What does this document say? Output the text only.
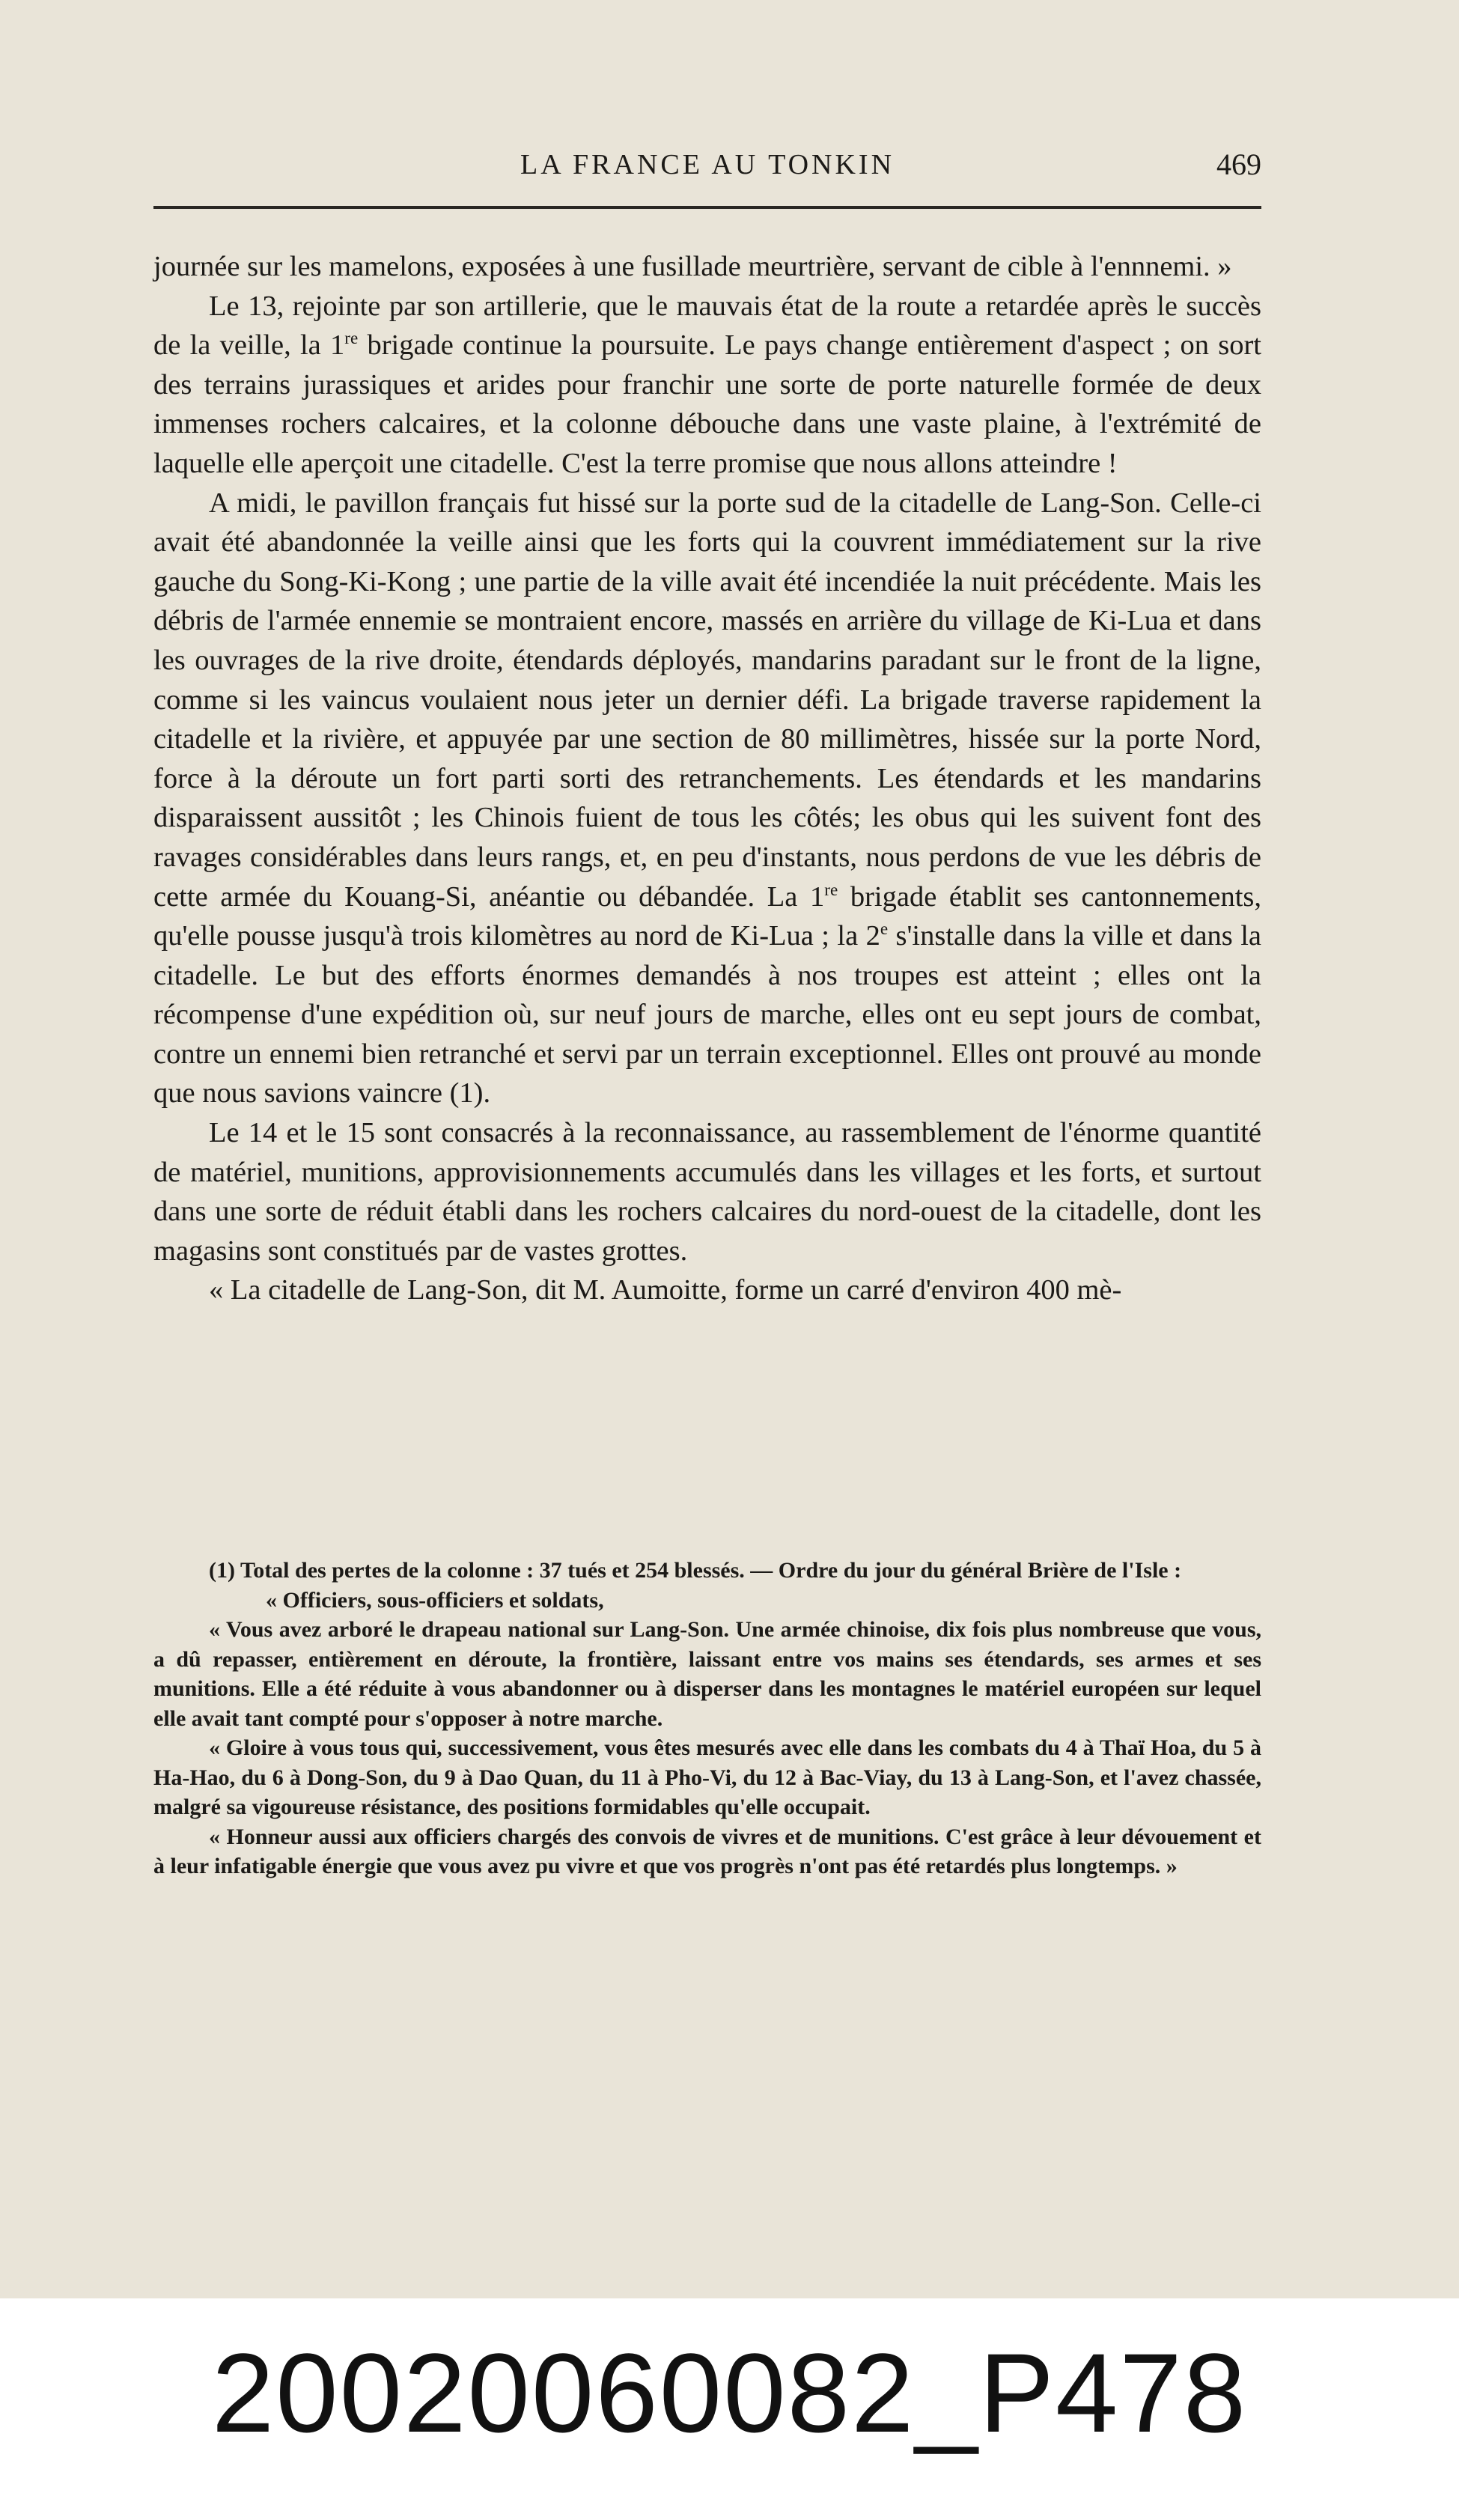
LA FRANCE AU TONKIN	469

journée sur les mamelons, exposées à une fusillade meurtrière, servant de cible à l'ennnemi. »

Le 13, rejointe par son artillerie, que le mauvais état de la route a retardée après le succès de la veille, la 1re brigade continue la poursuite. Le pays change entièrement d'aspect ; on sort des terrains jurassiques et arides pour franchir une sorte de porte naturelle formée de deux immenses rochers calcaires, et la colonne débouche dans une vaste plaine, à l'extrémité de laquelle elle aperçoit une citadelle. C'est la terre promise que nous allons atteindre !

A midi, le pavillon français fut hissé sur la porte sud de la citadelle de Lang-Son. Celle-ci avait été abandonnée la veille ainsi que les forts qui la couvrent immédiatement sur la rive gauche du Song-Ki-Kong ; une partie de la ville avait été incendiée la nuit précédente. Mais les débris de l'armée ennemie se montraient encore, massés en arrière du village de Ki-Lua et dans les ouvrages de la rive droite, étendards déployés, mandarins paradant sur le front de la ligne, comme si les vaincus voulaient nous jeter un dernier défi. La brigade traverse rapidement la citadelle et la rivière, et appuyée par une section de 80 millimètres, hissée sur la porte Nord, force à la déroute un fort parti sorti des retranchements. Les étendards et les mandarins disparaissent aussitôt ; les Chinois fuient de tous les côtés; les obus qui les suivent font des ravages considérables dans leurs rangs, et, en peu d'instants, nous perdons de vue les débris de cette armée du Kouang-Si, anéantie ou débandée. La 1re brigade établit ses cantonnements, qu'elle pousse jusqu'à trois kilomètres au nord de Ki-Lua ; la 2e s'installe dans la ville et dans la citadelle. Le but des efforts énormes demandés à nos troupes est atteint ; elles ont la récompense d'une expédition où, sur neuf jours de marche, elles ont eu sept jours de combat, contre un ennemi bien retranché et servi par un terrain exceptionnel. Elles ont prouvé au monde que nous savions vaincre (1).

Le 14 et le 15 sont consacrés à la reconnaissance, au rassemblement de l'énorme quantité de matériel, munitions, approvisionnements accumulés dans les villages et les forts, et surtout dans une sorte de réduit établi dans les rochers calcaires du nord-ouest de la citadelle, dont les magasins sont constitués par de vastes grottes.

« La citadelle de Lang-Son, dit M. Aumoitte, forme un carré d'environ 400 mè-

(1) Total des pertes de la colonne : 37 tués et 254 blessés. — Ordre du jour du général Brière de l'Isle :

« Officiers, sous-officiers et soldats,

« Vous avez arboré le drapeau national sur Lang-Son. Une armée chinoise, dix fois plus nombreuse que vous, a dû repasser, entièrement en déroute, la frontière, laissant entre vos mains ses étendards, ses armes et ses munitions. Elle a été réduite à vous abandonner ou à disperser dans les montagnes le matériel européen sur lequel elle avait tant compté pour s'opposer à notre marche.

« Gloire à vous tous qui, successivement, vous êtes mesurés avec elle dans les combats du 4 à Thaï Hoa, du 5 à Ha-Hao, du 6 à Dong-Son, du 9 à Dao Quan, du 11 à Pho-Vi, du 12 à Bac-Viay, du 13 à Lang-Son, et l'avez chassée, malgré sa vigoureuse résistance, des positions formidables qu'elle occupait.

« Honneur aussi aux officiers chargés des convois de vivres et de munitions. C'est grâce à leur dévouement et à leur infatigable énergie que vous avez pu vivre et que vos progrès n'ont pas été retardés plus longtemps. »

20020060082_P478
